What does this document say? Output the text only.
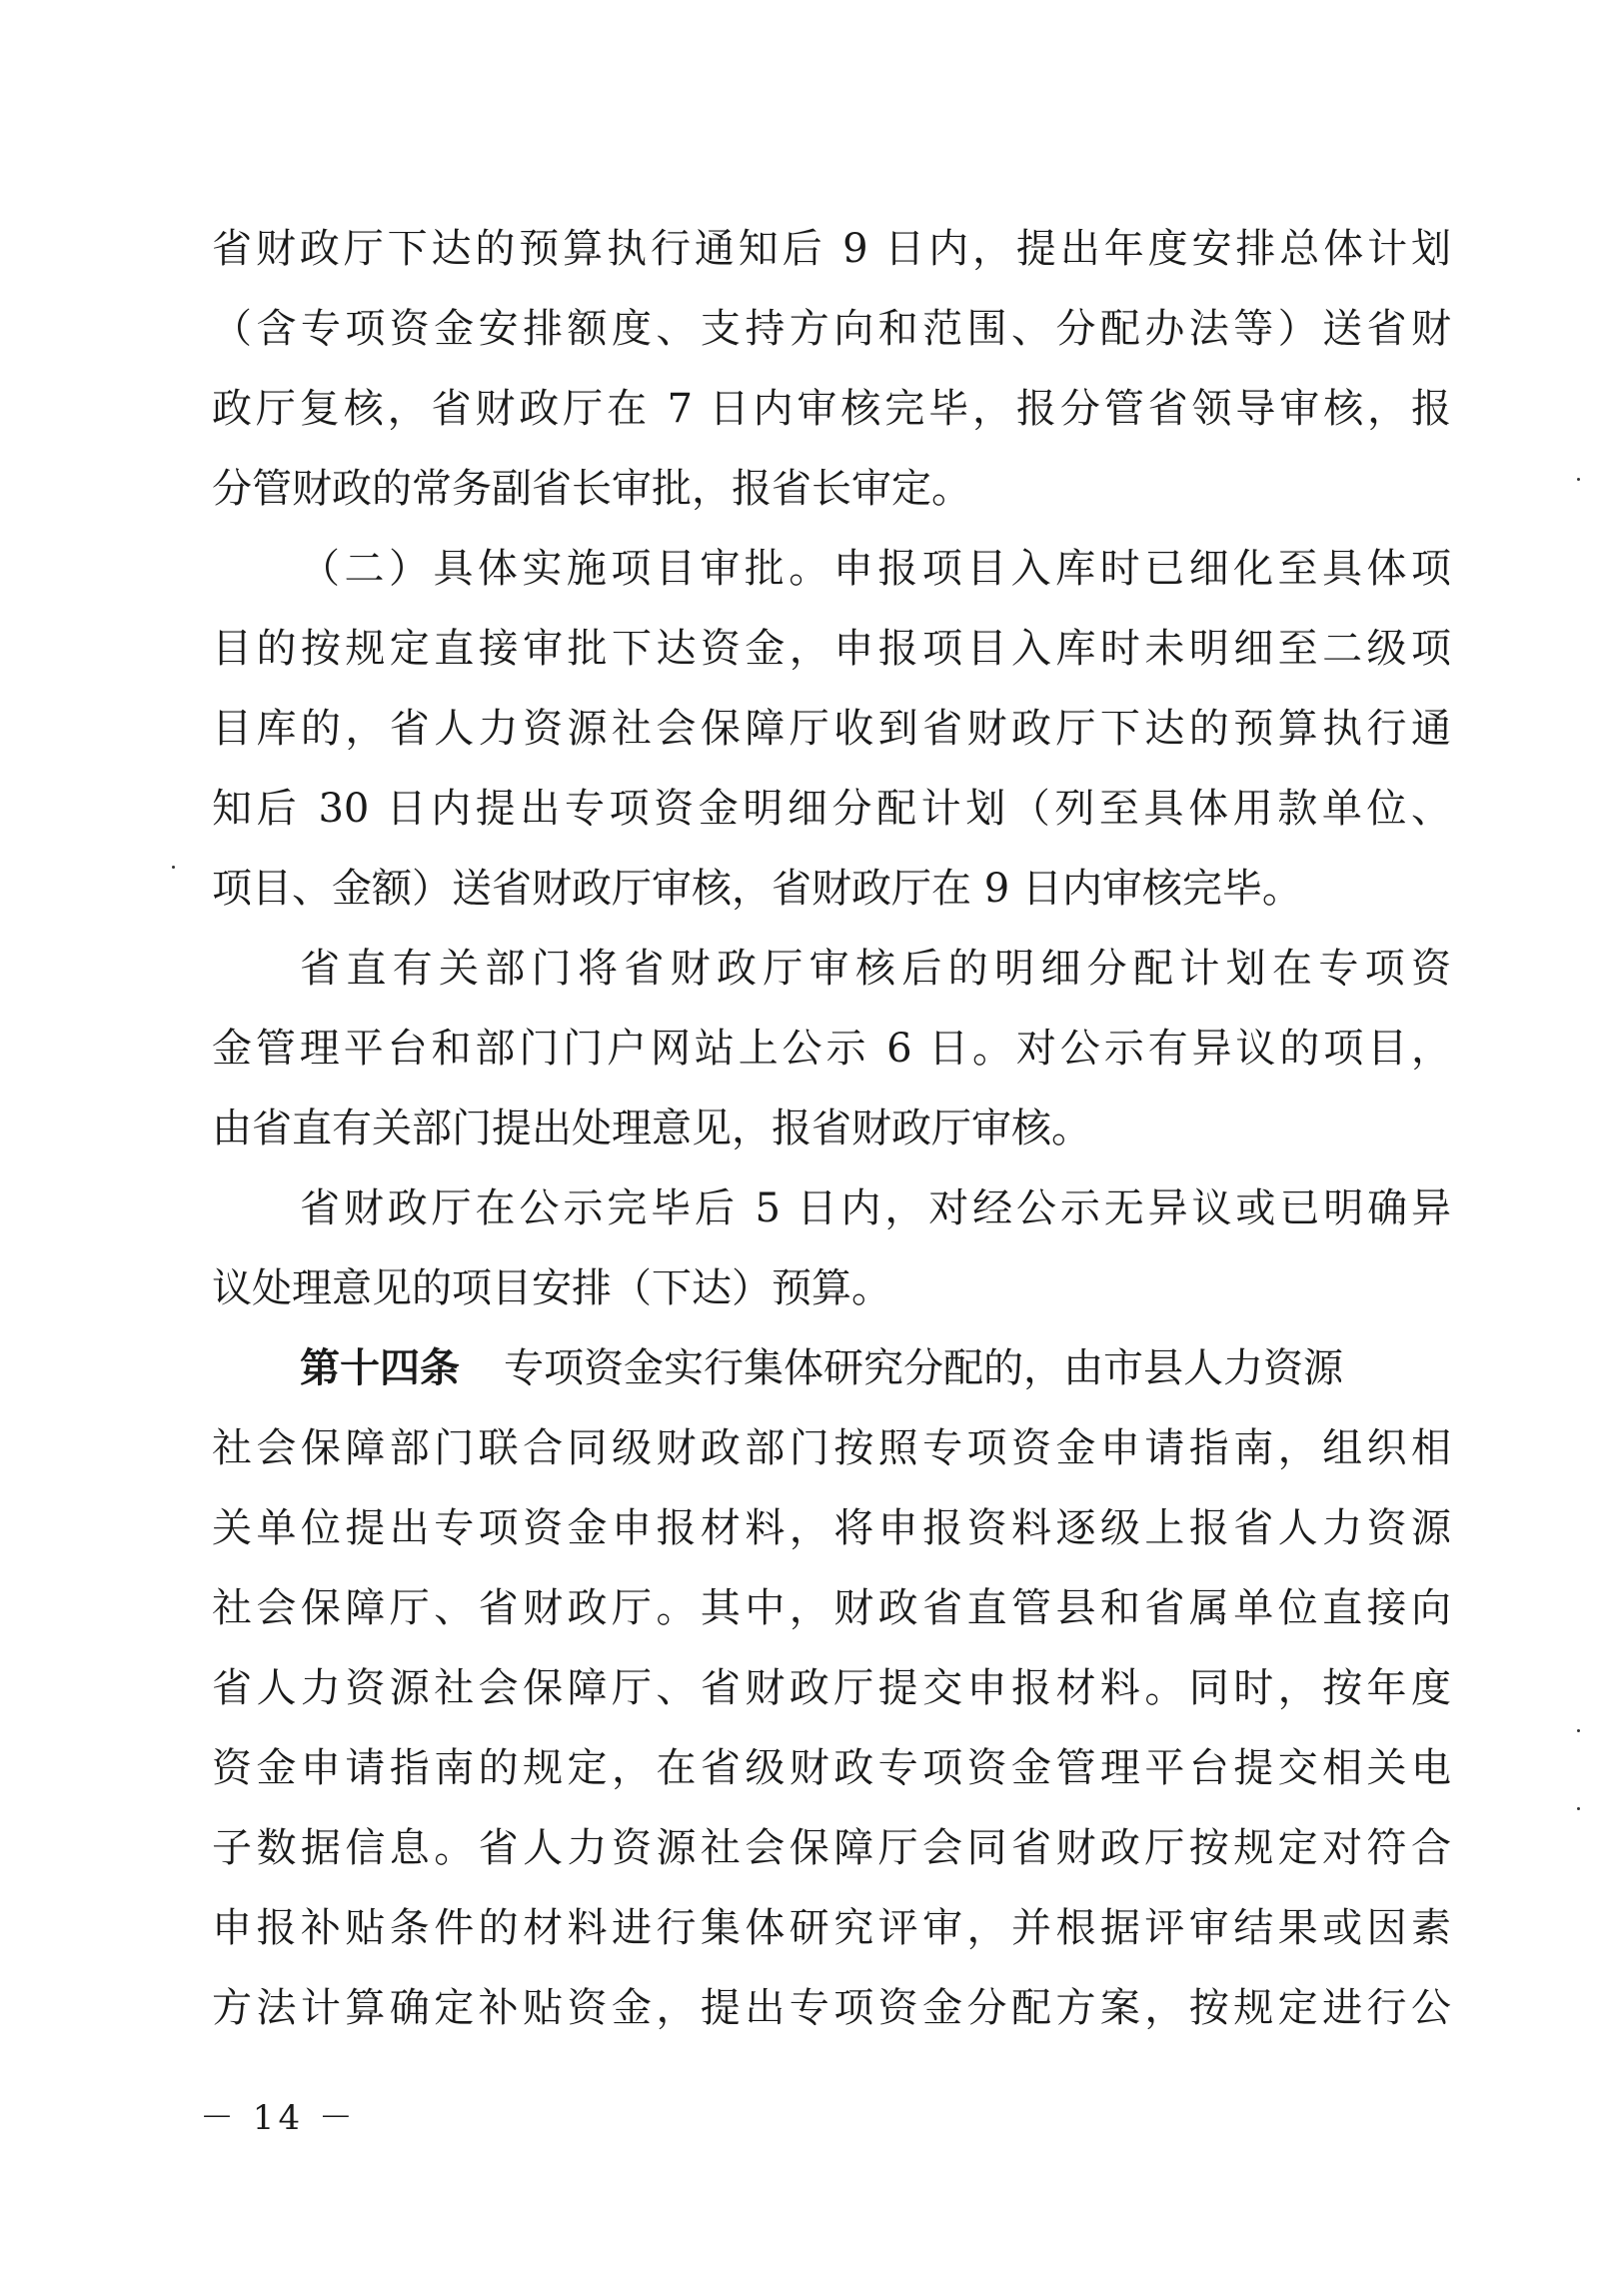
省财政厅下达的预算执行通知后 9 日内，提出年度安排总体计划
（含专项资金安排额度、支持方向和范围、分配办法等）送省财
政厅复核，省财政厅在 7 日内审核完毕，报分管省领导审核，报
分管财政的常务副省长审批，报省长审定。
（二）具体实施项目审批。申报项目入库时已细化至具体项
目的按规定直接审批下达资金，申报项目入库时未明细至二级项
目库的，省人力资源社会保障厅收到省财政厅下达的预算执行通
知后 30 日内提出专项资金明细分配计划（列至具体用款单位、
项目、金额）送省财政厅审核，省财政厅在 9 日内审核完毕。
省直有关部门将省财政厅审核后的明细分配计划在专项资
金管理平台和部门门户网站上公示 6 日。对公示有异议的项目，
由省直有关部门提出处理意见，报省财政厅审核。
省财政厅在公示完毕后 5 日内，对经公示无异议或已明确异
议处理意见的项目安排（下达）预算。
第十四条 专项资金实行集体研究分配的，由市县人力资源
社会保障部门联合同级财政部门按照专项资金申请指南，组织相
关单位提出专项资金申报材料，将申报资料逐级上报省人力资源
社会保障厅、省财政厅。其中，财政省直管县和省属单位直接向
省人力资源社会保障厅、省财政厅提交申报材料。同时，按年度
资金申请指南的规定，在省级财政专项资金管理平台提交相关电
子数据信息。省人力资源社会保障厅会同省财政厅按规定对符合
申报补贴条件的材料进行集体研究评审，并根据评审结果或因素
方法计算确定补贴资金，提出专项资金分配方案，按规定进行公
－ 14 －
